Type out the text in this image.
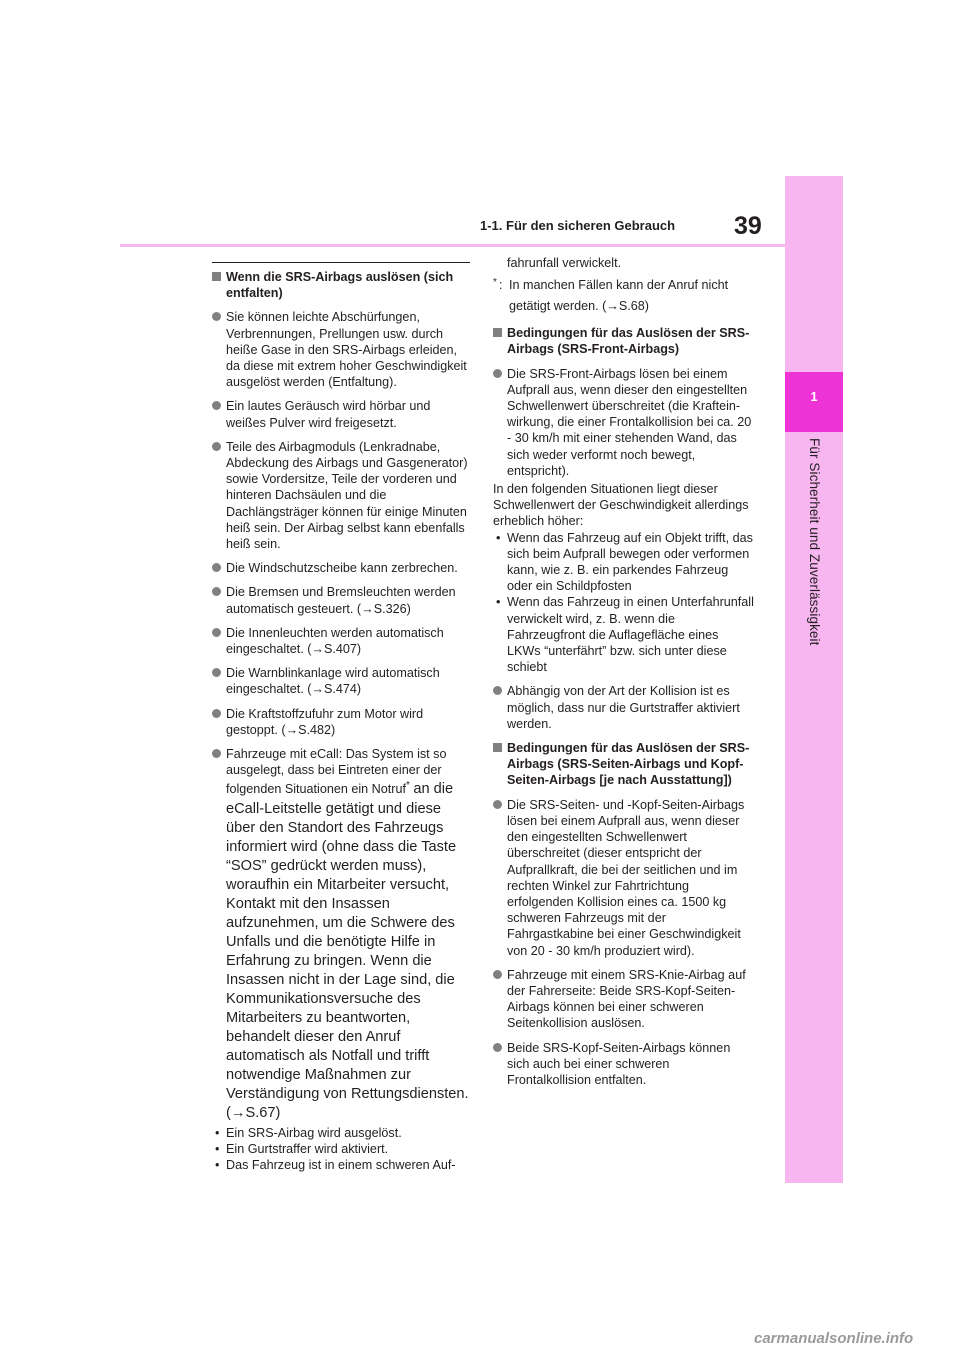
1
Für Sicherheit und Zuverlässigkeit
39
1-1. Für den sicheren Gebrauch
Wenn die SRS-Airbags auslösen (sich entfalten)
Sie können leichte Abschürfungen, Verbrennungen, Prellungen usw. durch heiße Gase in den SRS-Airbags erleiden, da diese mit extrem hoher Geschwindigkeit ausgelöst werden (Entfaltung).
Ein lautes Geräusch wird hörbar und weißes Pulver wird freigesetzt.
Teile des Airbagmoduls (Lenkradnabe, Abdeckung des Airbags und Gasgenerator) sowie Vordersitze, Teile der vorderen und hinteren Dachsäulen und die Dachlängsträger können für einige Minuten heiß sein. Der Airbag selbst kann ebenfalls heiß sein.
Die Windschutzscheibe kann zerbrechen.
Die Bremsen und Bremsleuchten werden automatisch gesteuert. (→S.326)
Die Innenleuchten werden automatisch eingeschaltet. (→S.407)
Die Warnblinkanlage wird automatisch eingeschaltet. (→S.474)
Die Kraftstoffzufuhr zum Motor wird gestoppt. (→S.482)
Fahrzeuge mit eCall: Das System ist so ausgelegt, dass bei Eintreten einer der folgenden Situationen ein Notruf* an die eCall-Leitstelle getätigt und diese über den Standort des Fahrzeugs informiert wird (ohne dass die Taste “SOS” gedrückt werden muss), woraufhin ein Mitarbeiter versucht, Kontakt mit den Insassen aufzunehmen, um die Schwere des Unfalls und die benötigte Hilfe in Erfahrung zu bringen. Wenn die Insassen nicht in der Lage sind, die Kommunikationsversuche des Mitarbeiters zu beantworten, behandelt dieser den Anruf automatisch als Notfall und trifft notwendige Maßnahmen zur Verständigung von Rettungsdiensten. (→S.67)
• Ein SRS-Airbag wird ausgelöst.
• Ein Gurtstraffer wird aktiviert.
• Das Fahrzeug ist in einem schweren Auf-
fahrunfall verwickelt.
* : In manchen Fällen kann der Anruf nicht getätigt werden. (→S.68)
Bedingungen für das Auslösen der SRS-Airbags (SRS-Front-Airbags)
Die SRS-Front-Airbags lösen bei einem Aufprall aus, wenn dieser den eingestellten Schwellenwert überschreitet (die Kraftein-wirkung, die einer Frontalkollision bei ca. 20 - 30 km/h mit einer stehenden Wand, das sich weder verformt noch bewegt, entspricht).
In den folgenden Situationen liegt dieser Schwellenwert der Geschwindigkeit allerdings erheblich höher:
• Wenn das Fahrzeug auf ein Objekt trifft, das sich beim Aufprall bewegen oder verformen kann, wie z. B. ein parkendes Fahrzeug oder ein Schildpfosten
• Wenn das Fahrzeug in einen Unterfahrunfall verwickelt wird, z. B. wenn die Fahrzeugfront die Auflagefläche eines LKWs “unterfährt” bzw. sich unter diese schiebt
Abhängig von der Art der Kollision ist es möglich, dass nur die Gurtstraffer aktiviert werden.
Bedingungen für das Auslösen der SRS-Airbags (SRS-Seiten-Airbags und Kopf-Seiten-Airbags [je nach Ausstattung])
Die SRS-Seiten- und -Kopf-Seiten-Airbags lösen bei einem Aufprall aus, wenn dieser den eingestellten Schwellenwert überschreitet (dieser entspricht der Aufprallkraft, die bei der seitlichen und im rechten Winkel zur Fahrtrichtung erfolgenden Kollision eines ca. 1500 kg schweren Fahrzeugs mit der Fahrgastkabine bei einer Geschwindigkeit von 20 - 30 km/h produziert wird).
Fahrzeuge mit einem SRS-Knie-Airbag auf der Fahrerseite: Beide SRS-Kopf-Seiten-Airbags können bei einer schweren Seitenkollision auslösen.
Beide SRS-Kopf-Seiten-Airbags können sich auch bei einer schweren Frontalkollision entfalten.
carmanualsonline.info
